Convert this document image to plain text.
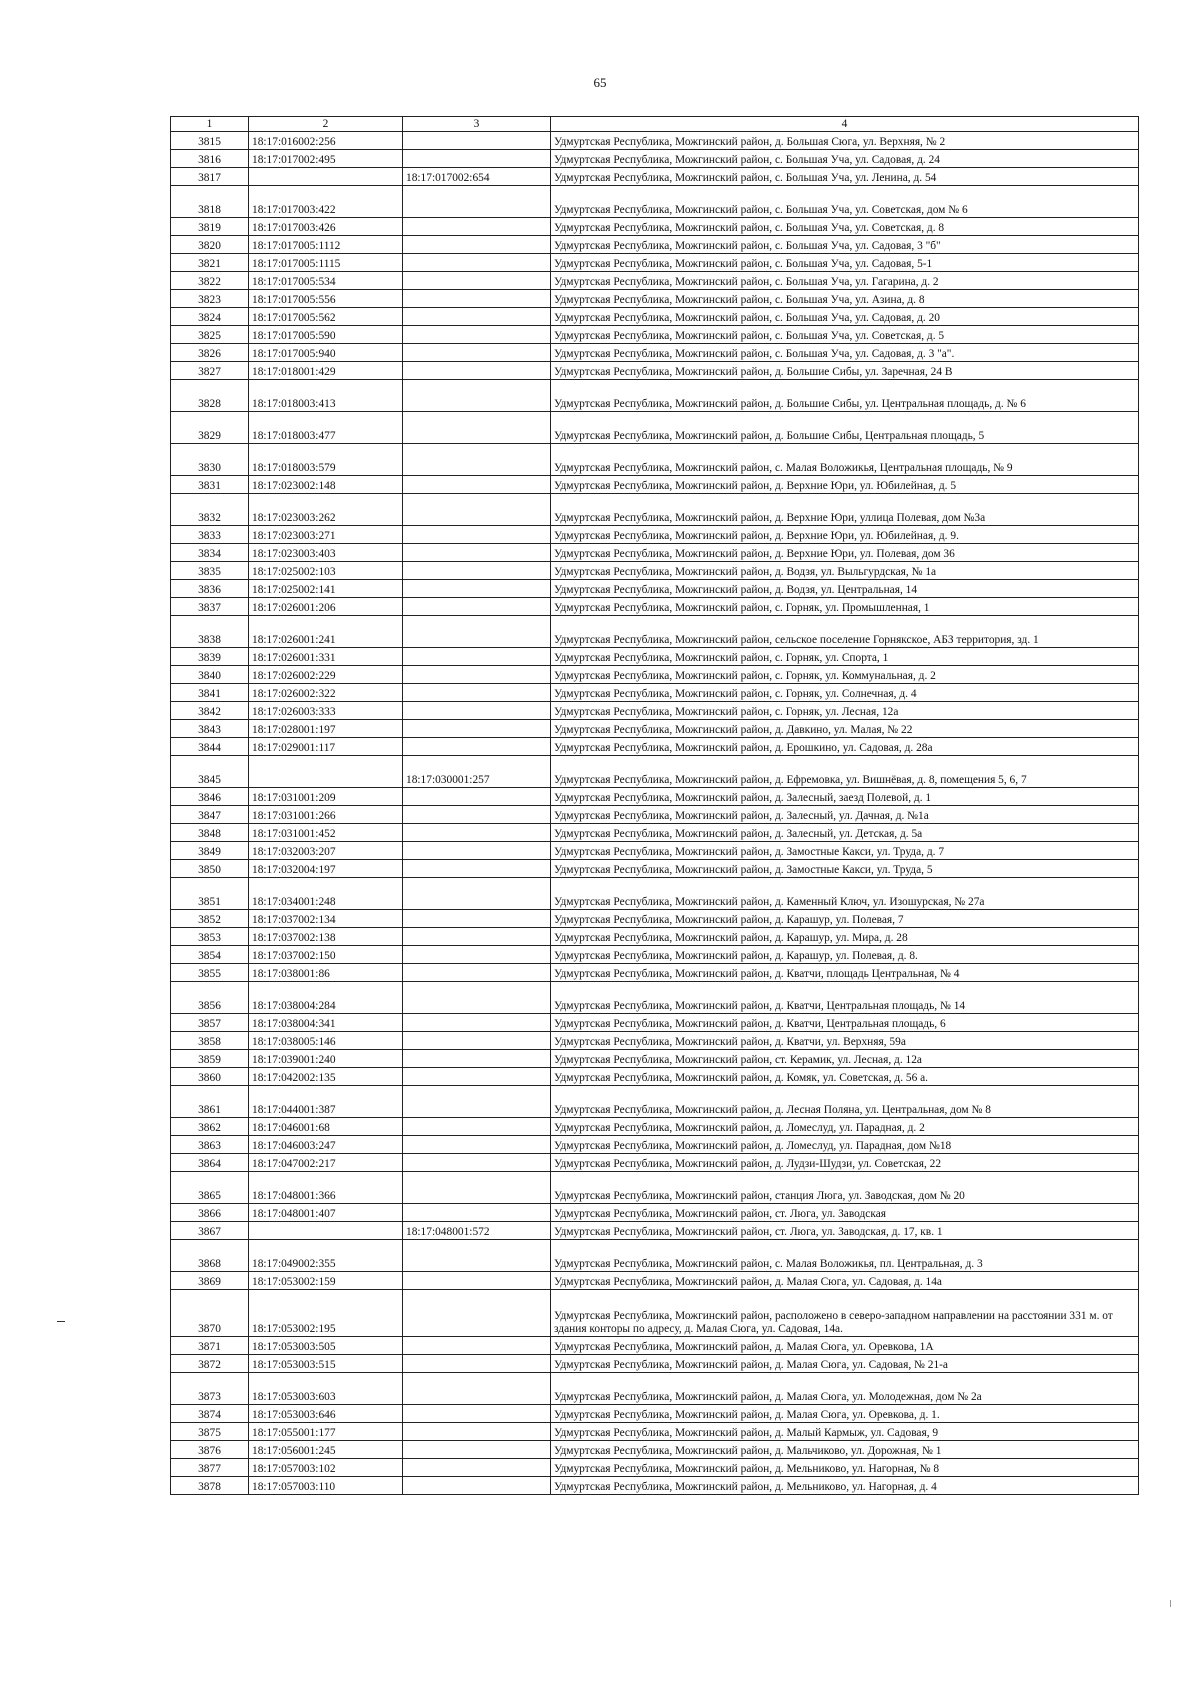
65
1	2	3	4
3815	18:17:016002:256		Удмуртская Республика, Можгинский район, д. Большая Сюга, ул. Верхняя, № 2
3816	18:17:017002:495		Удмуртская Республика, Можгинский район, с. Большая Уча, ул. Садовая, д. 24
3817		18:17:017002:654	Удмуртская Республика, Можгинский район, с. Большая Уча, ул. Ленина, д. 54
3818	18:17:017003:422		Удмуртская Республика, Можгинский район, с. Большая Уча, ул. Советская, дом № 6
3819	18:17:017003:426		Удмуртская Республика, Можгинский район, с. Большая Уча, ул. Советская, д. 8
3820	18:17:017005:1112		Удмуртская Республика, Можгинский район, с. Большая Уча, ул. Садовая, 3 "б"
3821	18:17:017005:1115		Удмуртская Республика, Можгинский район, с. Большая Уча, ул. Садовая, 5-1
3822	18:17:017005:534		Удмуртская Республика, Можгинский район, с. Большая Уча, ул. Гагарина, д. 2
3823	18:17:017005:556		Удмуртская Республика, Можгинский район, с. Большая Уча, ул. Азина, д. 8
3824	18:17:017005:562		Удмуртская Республика, Можгинский район, с. Большая Уча, ул. Садовая, д. 20
3825	18:17:017005:590		Удмуртская Республика, Можгинский район, с. Большая Уча, ул. Советская, д. 5
3826	18:17:017005:940		Удмуртская Республика, Можгинский район, с. Большая Уча, ул. Садовая, д. 3 "а".
3827	18:17:018001:429		Удмуртская Республика, Можгинский район, д. Большие Сибы, ул. Заречная, 24 В
3828	18:17:018003:413		Удмуртская Республика, Можгинский район, д. Большие Сибы, ул. Центральная площадь, д. № 6
3829	18:17:018003:477		Удмуртская Республика, Можгинский район, д. Большие Сибы, Центральная площадь, 5
3830	18:17:018003:579		Удмуртская Республика, Можгинский район, с. Малая Воложикья, Центральная площадь, № 9
3831	18:17:023002:148		Удмуртская Республика, Можгинский район, д. Верхние Юри, ул. Юбилейная, д. 5
3832	18:17:023003:262		Удмуртская Республика, Можгинский район, д. Верхние Юри, уллица Полевая, дом №3а
3833	18:17:023003:271		Удмуртская Республика, Можгинский район, д. Верхние Юри, ул. Юбилейная, д. 9.
3834	18:17:023003:403		Удмуртская Республика, Можгинский район, д. Верхние Юри, ул. Полевая, дом 36
3835	18:17:025002:103		Удмуртская Республика, Можгинский район, д. Водзя, ул. Выльгурдская, № 1а
3836	18:17:025002:141		Удмуртская Республика, Можгинский район, д. Водзя, ул. Центральная, 14
3837	18:17:026001:206		Удмуртская Республика, Можгинский район, с. Горняк, ул. Промышленная, 1
3838	18:17:026001:241		Удмуртская Республика, Можгинский район, сельское поселение Горнякское, АБЗ территория, зд. 1
3839	18:17:026001:331		Удмуртская Республика, Можгинский район, с. Горняк, ул. Спорта, 1
3840	18:17:026002:229		Удмуртская Республика, Можгинский район, с. Горняк, ул. Коммунальная, д. 2
3841	18:17:026002:322		Удмуртская Республика, Можгинский район, с. Горняк, ул. Солнечная, д. 4
3842	18:17:026003:333		Удмуртская Республика, Можгинский район, с. Горняк, ул. Лесная, 12а
3843	18:17:028001:197		Удмуртская Республика, Можгинский район, д. Давкино, ул. Малая, № 22
3844	18:17:029001:117		Удмуртская Республика, Можгинский район, д. Ерошкино, ул. Садовая, д. 28а
3845		18:17:030001:257	Удмуртская Республика, Можгинский район, д. Ефремовка, ул. Вишнёвая, д. 8, помещения 5, 6, 7
3846	18:17:031001:209		Удмуртская Республика, Можгинский район, д. Залесный, заезд Полевой, д. 1
3847	18:17:031001:266		Удмуртская Республика, Можгинский район, д. Залесный, ул. Дачная, д. №1а
3848	18:17:031001:452		Удмуртская Республика, Можгинский район, д. Залесный, ул. Детская, д. 5а
3849	18:17:032003:207		Удмуртская Республика, Можгинский район, д. Замостные Какси, ул. Труда, д. 7
3850	18:17:032004:197		Удмуртская Республика, Можгинский район, д. Замостные Какси, ул. Труда, 5
3851	18:17:034001:248		Удмуртская Республика, Можгинский район, д. Каменный Ключ, ул. Изошурская, № 27а
3852	18:17:037002:134		Удмуртская Республика, Можгинский район, д. Карашур, ул. Полевая, 7
3853	18:17:037002:138		Удмуртская Республика, Можгинский район, д. Карашур, ул. Мира, д. 28
3854	18:17:037002:150		Удмуртская Республика, Можгинский район, д. Карашур, ул. Полевая, д. 8.
3855	18:17:038001:86		Удмуртская Республика, Можгинский район, д. Кватчи, площадь Центральная, № 4
3856	18:17:038004:284		Удмуртская Республика, Можгинский район, д. Кватчи, Центральная площадь, № 14
3857	18:17:038004:341		Удмуртская Республика, Можгинский район, д. Кватчи, Центральная площадь, 6
3858	18:17:038005:146		Удмуртская Республика, Можгинский район, д. Кватчи, ул. Верхняя, 59а
3859	18:17:039001:240		Удмуртская Республика, Можгинский район, ст. Керамик, ул. Лесная, д. 12а
3860	18:17:042002:135		Удмуртская Республика, Можгинский район, д. Комяк, ул. Советская, д. 56 а.
3861	18:17:044001:387		Удмуртская Республика, Можгинский район, д. Лесная Поляна, ул. Центральная, дом № 8
3862	18:17:046001:68		Удмуртская Республика, Можгинский район, д. Ломеслуд, ул. Парадная, д. 2
3863	18:17:046003:247		Удмуртская Республика, Можгинский район, д. Ломеслуд, ул. Парадная, дом №18
3864	18:17:047002:217		Удмуртская Республика, Можгинский район, д. Лудзи-Шудзи, ул. Советская, 22
3865	18:17:048001:366		Удмуртская Республика, Можгинский район, станция Люга, ул. Заводская, дом № 20
3866	18:17:048001:407		Удмуртская Республика, Можгинский район, ст. Люга, ул. Заводская
3867		18:17:048001:572	Удмуртская Республика, Можгинский район, ст. Люга, ул. Заводская, д. 17, кв. 1
3868	18:17:049002:355		Удмуртская Республика, Можгинский район, с. Малая Воложикья, пл. Центральная, д. 3
3869	18:17:053002:159		Удмуртская Республика, Можгинский район, д. Малая Сюга, ул. Садовая, д. 14а
3870	18:17:053002:195		Удмуртская Республика, Можгинский район, расположено в северо-западном направлении на расстоянии 331 м. от здания конторы по адресу, д. Малая Сюга, ул. Садовая, 14а.
3871	18:17:053003:505		Удмуртская Республика, Можгинский район, д. Малая Сюга, ул. Оревкова, 1А
3872	18:17:053003:515		Удмуртская Республика, Можгинский район, д. Малая Сюга, ул. Садовая, № 21-а
3873	18:17:053003:603		Удмуртская Республика, Можгинский район, д. Малая Сюга, ул. Молодежная, дом № 2а
3874	18:17:053003:646		Удмуртская Республика, Можгинский район, д. Малая Сюга, ул. Оревкова, д. 1.
3875	18:17:055001:177		Удмуртская Республика, Можгинский район, д. Малый Кармыж, ул. Садовая, 9
3876	18:17:056001:245		Удмуртская Республика, Можгинский район, д. Мальчиково, ул. Дорожная, № 1
3877	18:17:057003:102		Удмуртская Республика, Можгинский район, д. Мельниково, ул. Нагорная, № 8
3878	18:17:057003:110		Удмуртская Республика, Можгинский район, д. Мельниково, ул. Нагорная, д. 4
